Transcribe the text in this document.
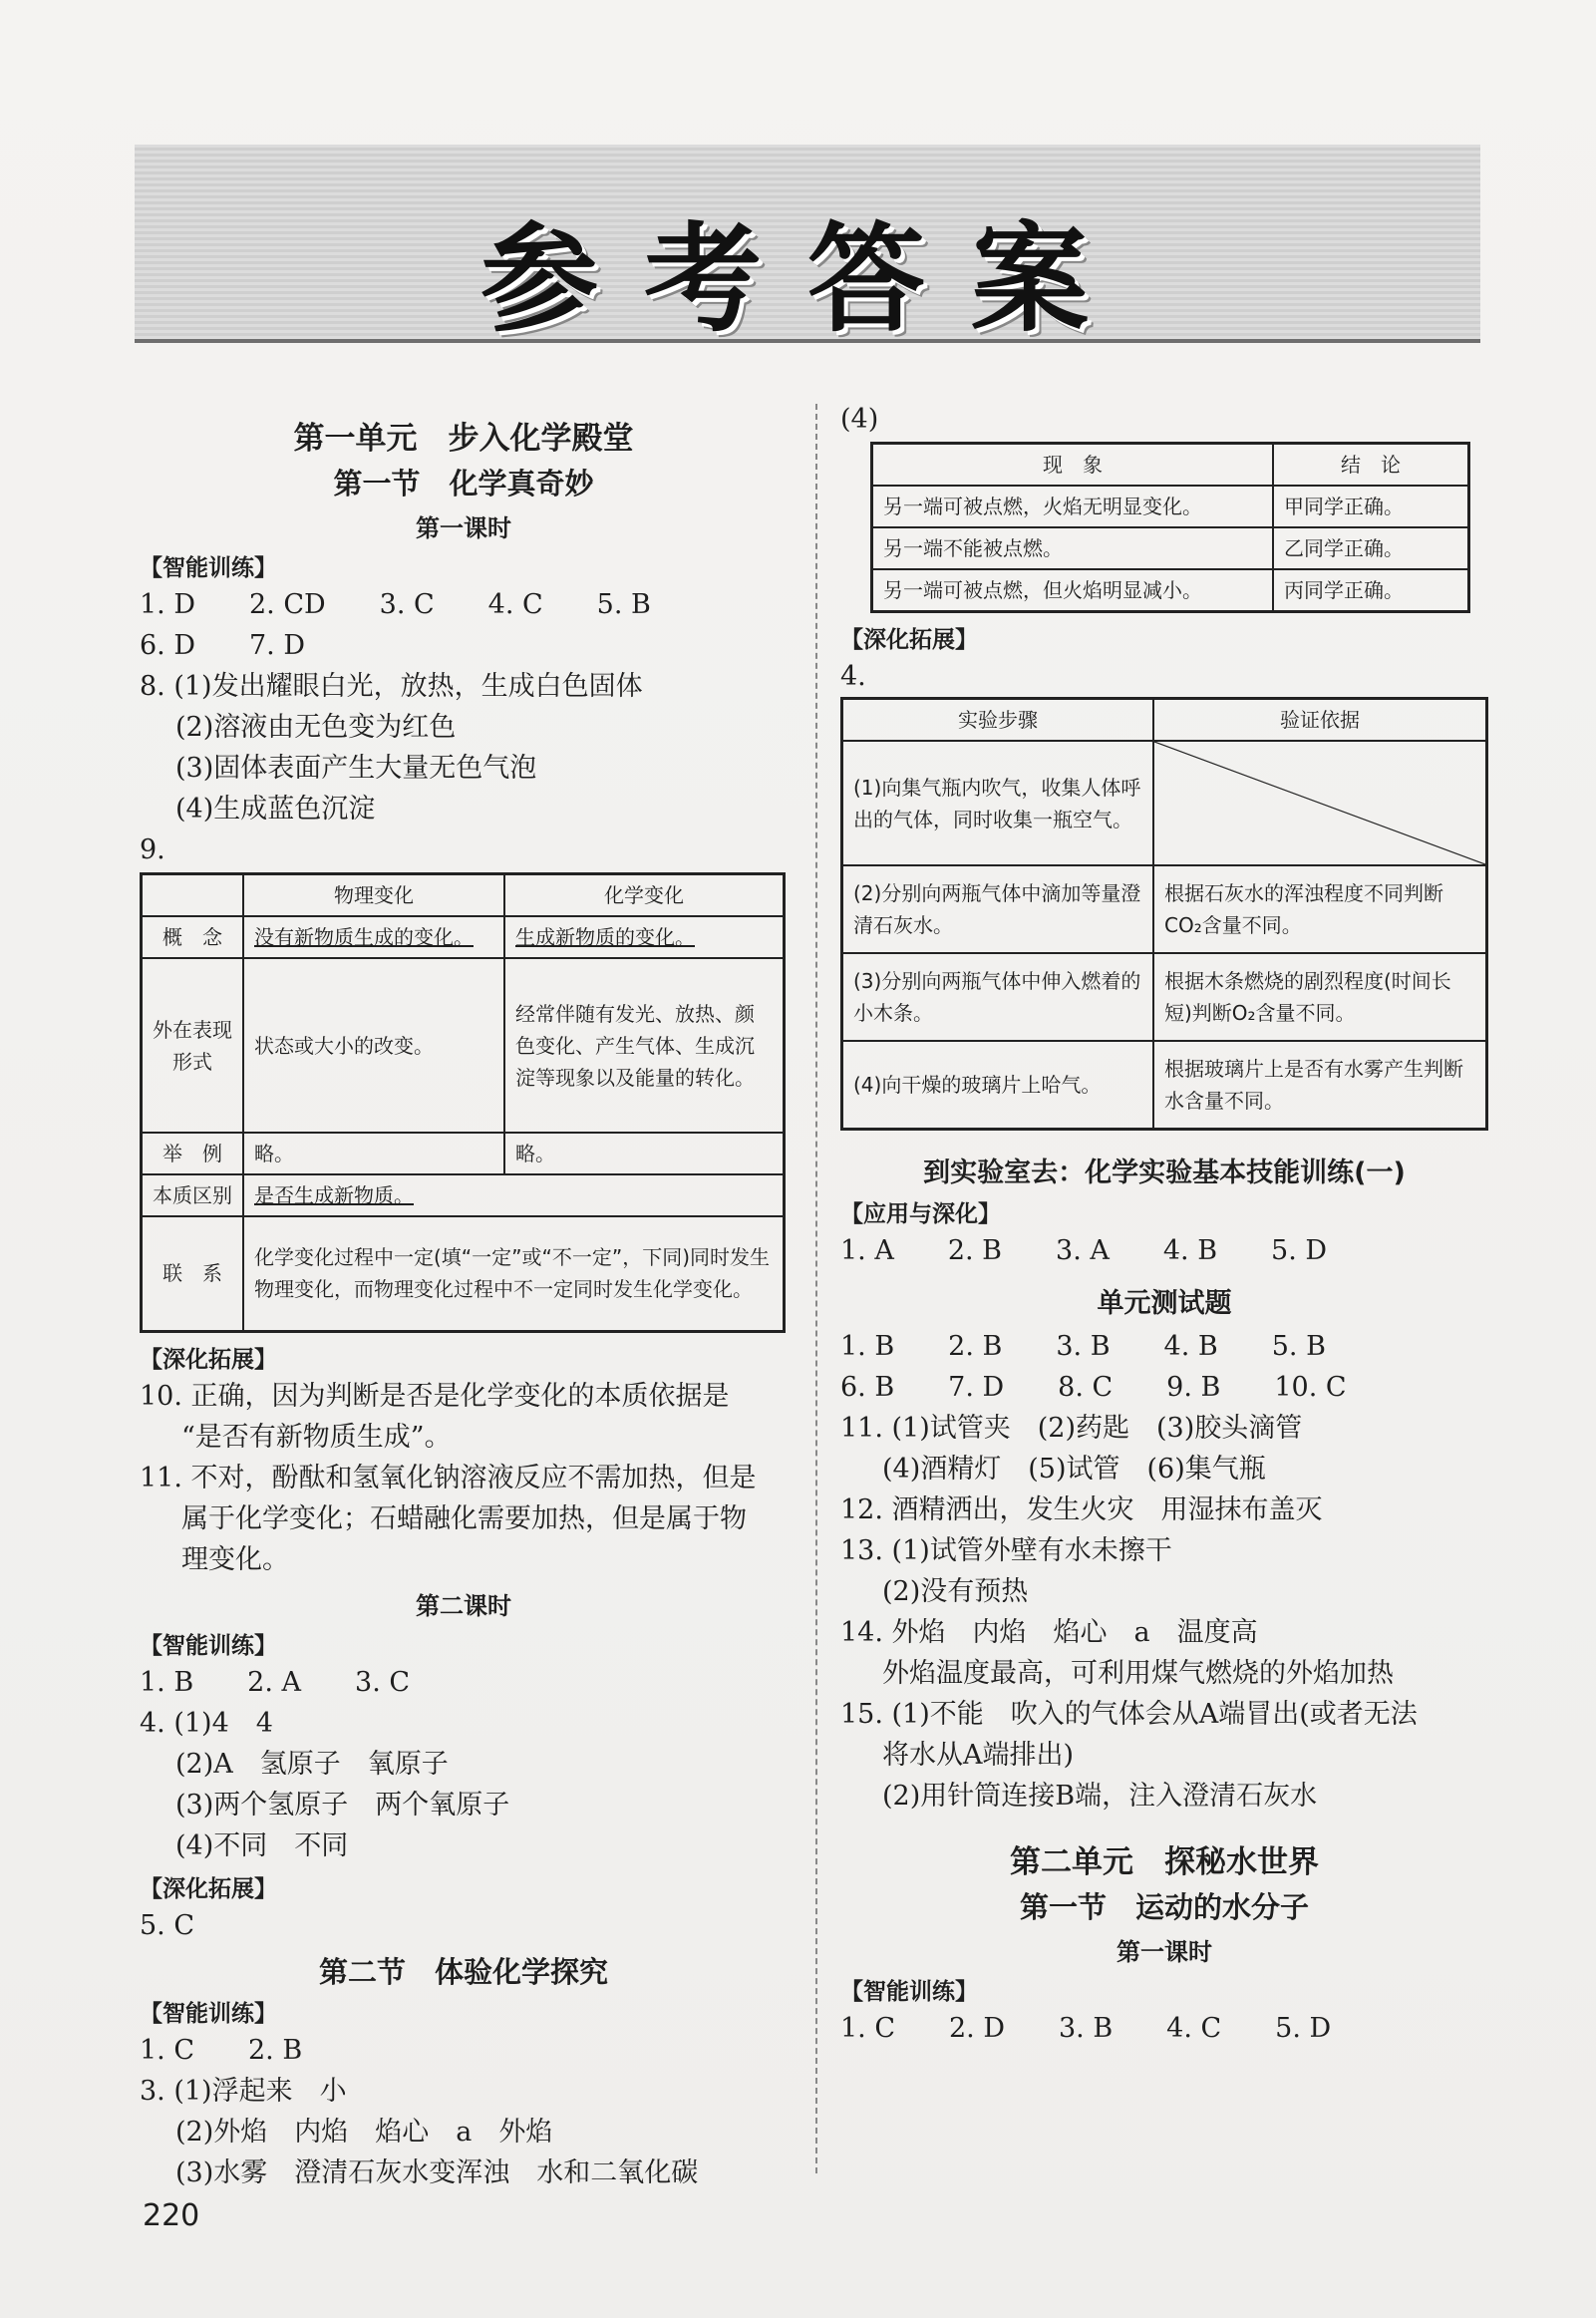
参考答案
第一单元　步入化学殿堂
第一节　化学真奇妙
第一课时
【智能训练】
1. D　　2. CD　　3. C　　4. C　　5. B
6. D　　7. D
8. (1)发出耀眼白光，放热，生成白色固体
(2)溶液由无色变为红色
(3)固体表面产生大量无色气泡
(4)生成蓝色沉淀
9.
	物理变化	化学变化
概　念	没有新物质生成的变化。	生成新物质的变化。
外在表现形式	状态或大小的改变。	经常伴随有发光、放热、颜色变化、产生气体、生成沉淀等现象以及能量的转化。
举　例	略。	略。
本质区别	是否生成新物质。	
联　系	化学变化过程中一定(填“一定”或“不一定”，下同)同时发生物理变化，而物理变化过程中不一定同时发生化学变化。	
【深化拓展】
10. 正确，因为判断是否是化学变化的本质依据是
“是否有新物质生成”。
11. 不对，酚酞和氢氧化钠溶液反应不需加热，但是
属于化学变化；石蜡融化需要加热，但是属于物
理变化。
第二课时
【智能训练】
1. B　　2. A　　3. C
4. (1)4　4
(2)A　氢原子　氧原子
(3)两个氢原子　两个氧原子
(4)不同　不同
【深化拓展】
5. C
第二节　体验化学探究
【智能训练】
1. C　　2. B
3. (1)浮起来　小
(2)外焰　内焰　焰心　a　外焰
(3)水雾　澄清石灰水变浑浊　水和二氧化碳
(4)
现　象	结　论
另一端可被点燃，火焰无明显变化。	甲同学正确。
另一端不能被点燃。	乙同学正确。
另一端可被点燃，但火焰明显减小。	丙同学正确。
【深化拓展】
4.
实验步骤	验证依据
(1)向集气瓶内吹气，收集人体呼出的气体，同时收集一瓶空气。	

(2)分别向两瓶气体中滴加等量澄清石灰水。	根据石灰水的浑浊程度不同判断CO₂含量不同。
(3)分别向两瓶气体中伸入燃着的小木条。	根据木条燃烧的剧烈程度(时间长短)判断O₂含量不同。
(4)向干燥的玻璃片上哈气。	根据玻璃片上是否有水雾产生判断水含量不同。
到实验室去：化学实验基本技能训练(一)
【应用与深化】
1. A　　2. B　　3. A　　4. B　　5. D
单元测试题
1. B　　2. B　　3. B　　4. B　　5. B
6. B　　7. D　　8. C　　9. B　　10. C
11. (1)试管夹　(2)药匙　(3)胶头滴管
(4)酒精灯　(5)试管　(6)集气瓶
12. 酒精洒出，发生火灾　用湿抹布盖灭
13. (1)试管外壁有水未擦干
(2)没有预热
14. 外焰　内焰　焰心　a　温度高
外焰温度最高，可利用煤气燃烧的外焰加热
15. (1)不能　吹入的气体会从A端冒出(或者无法
将水从A端排出)
(2)用针筒连接B端，注入澄清石灰水
第二单元　探秘水世界
第一节　运动的水分子
第一课时
【智能训练】
1. C　　2. D　　3. B　　4. C　　5. D
220
